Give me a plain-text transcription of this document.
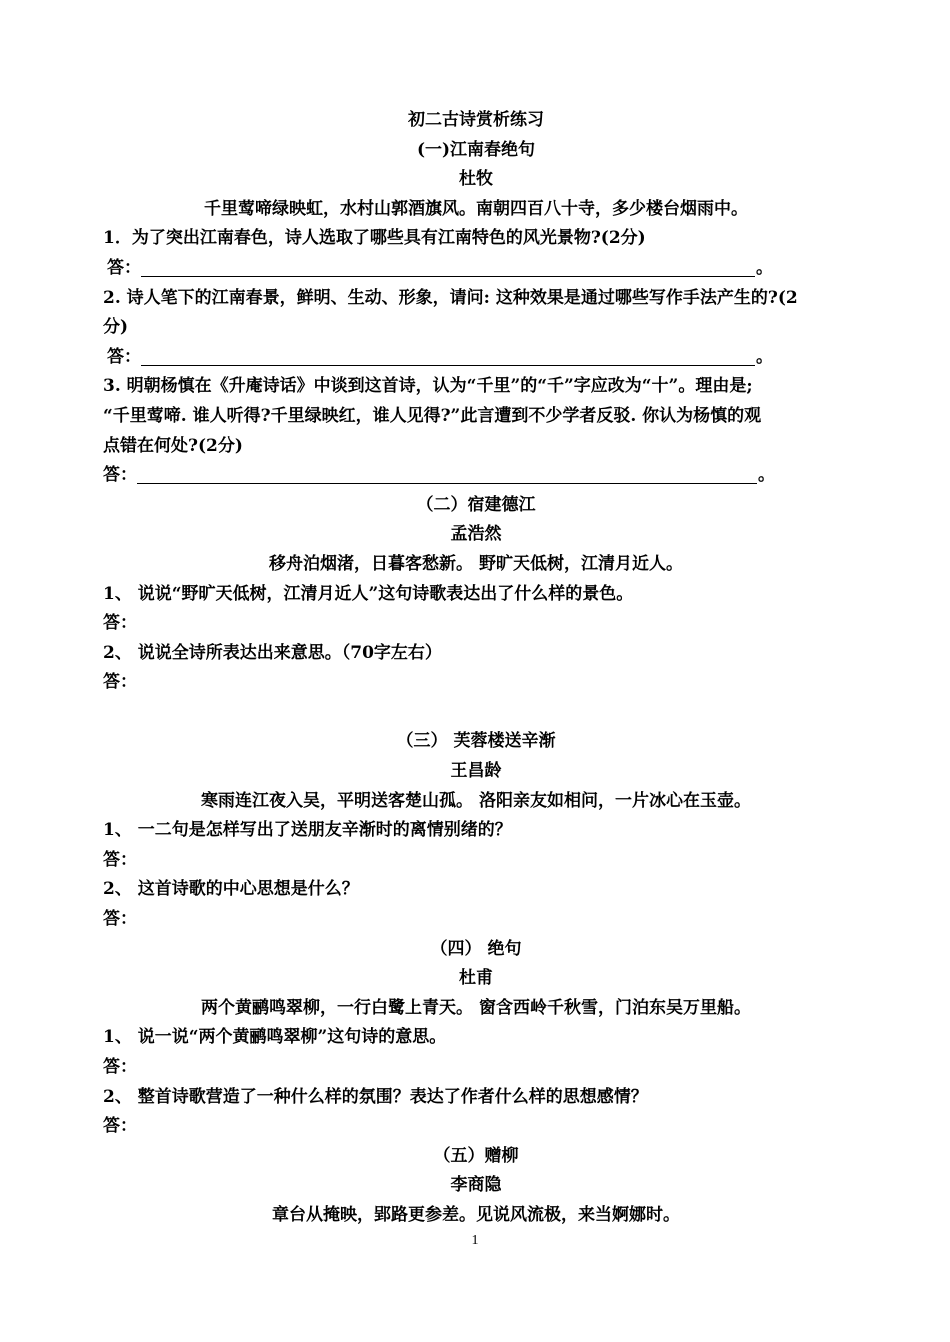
初二古诗赏析练习
(一)江南春绝句
杜牧
千里莺啼绿映虹，水村山郭酒旗风。南朝四百八十寺，多少楼台烟雨中。
1．为了突出江南春色，诗人选取了哪些具有江南特色的风光景物?(2分)
答：	。
2. 诗人笔下的江南春景，鲜明、生动、形象，请问: 这种效果是通过哪些写作手法产生的?(2
分)
答：	。
3. 明朝杨慎在《升庵诗话》中谈到这首诗，认为“千里”的“千”字应改为“十”。理由是;
“千里莺啼. 谁人听得?千里绿映红，谁人见得?”此言遭到不少学者反驳. 你认为杨慎的观
点错在何处?(2分)
答：	。
（二）宿建德江
孟浩然
移舟泊烟渚，日暮客愁新。 野旷天低树，江清月近人。
1、 说说“野旷天低树，江清月近人”这句诗歌表达出了什么样的景色。
答：
2、 说说全诗所表达出来意思。（70字左右）
答：
（三） 芙蓉楼送辛渐
王昌龄
寒雨连江夜入吴，平明送客楚山孤。 洛阳亲友如相问，一片冰心在玉壶。
1、 一二句是怎样写出了送朋友辛渐时的离情别绪的？
答：
2、 这首诗歌的中心思想是什么？
答：
（四） 绝句
杜甫
两个黄鹂鸣翠柳，一行白鹭上青天。 窗含西岭千秋雪，门泊东吴万里船。
1、 说一说“两个黄鹂鸣翠柳”这句诗的意思。
答：
2、 整首诗歌营造了一种什么样的氛围？表达了作者什么样的思想感情？
答：
（五）赠柳
李商隐
章台从掩映，郢路更参差。见说风流极，来当婀娜时。
1
